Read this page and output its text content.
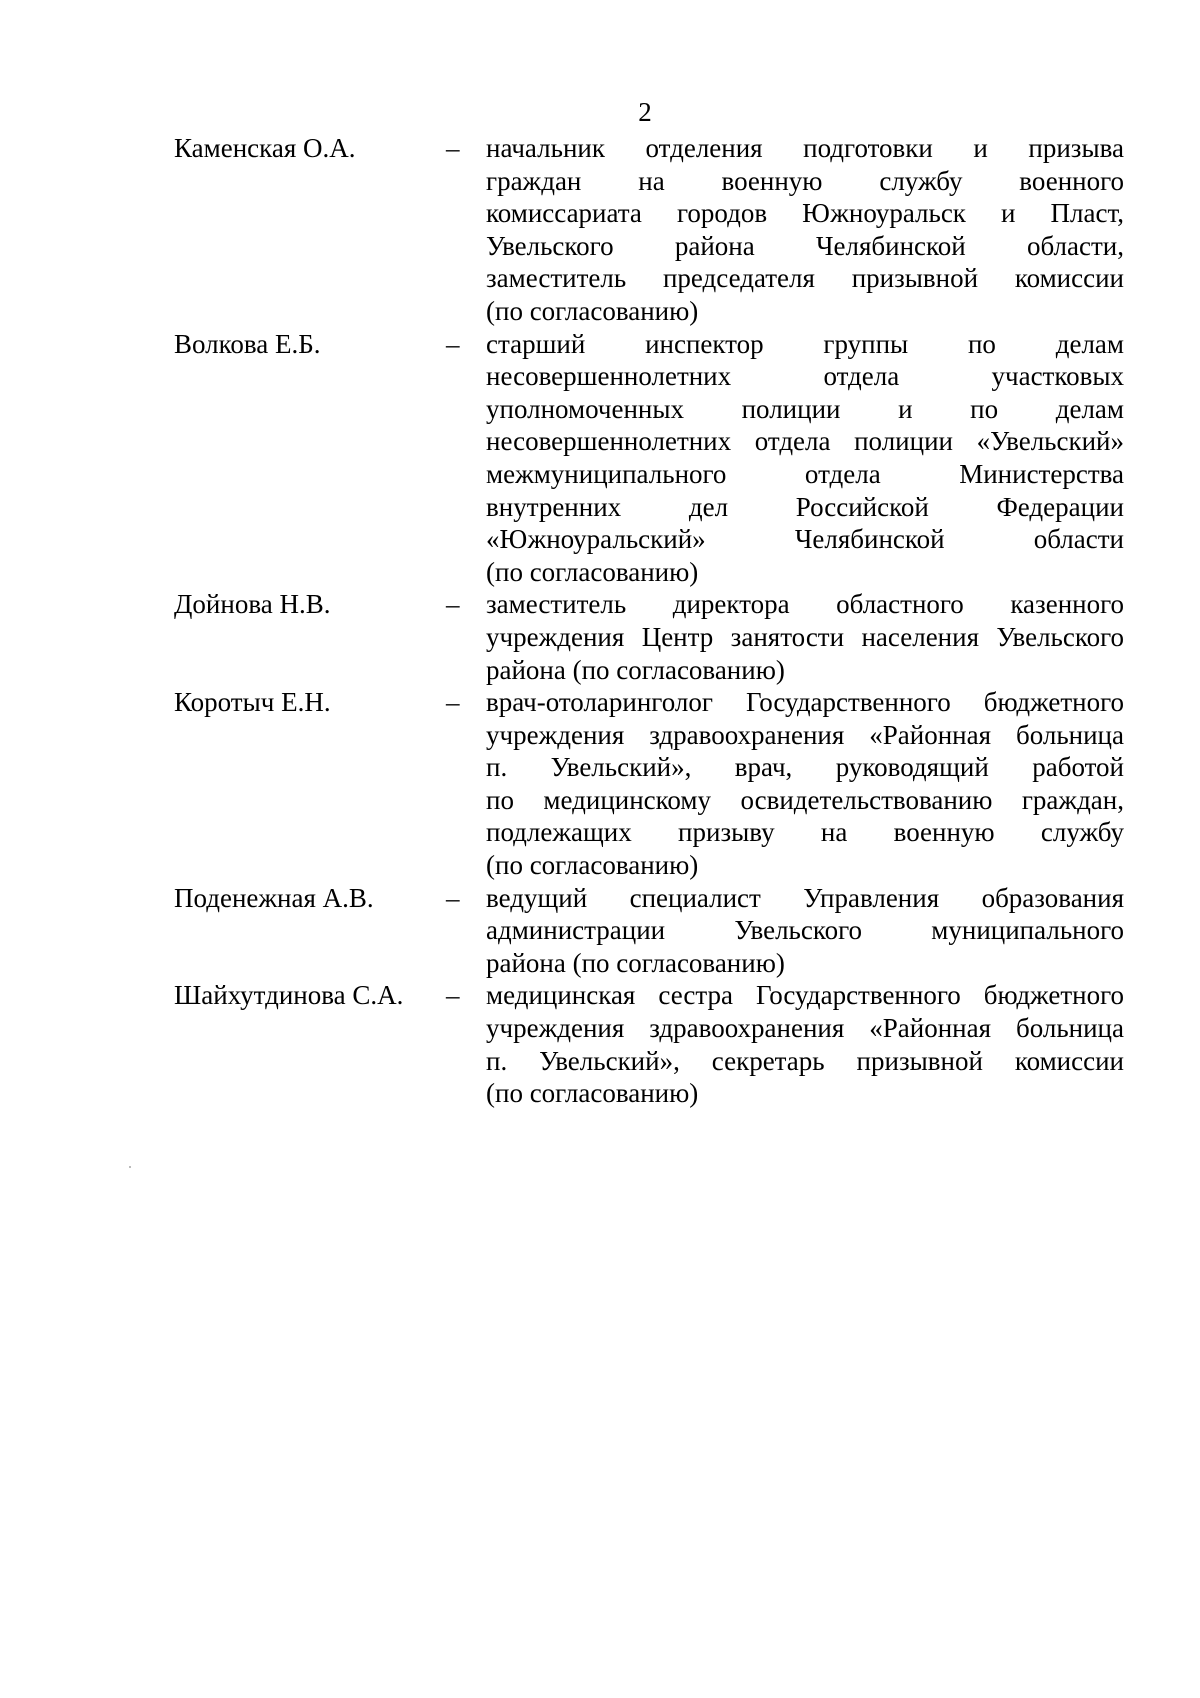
2
Каменская О.А.	– начальник отделения подготовки и призыва
граждан на военную службу военного
комиссариата городов Южноуральск и Пласт,
Увельского района Челябинской области,
заместитель председателя призывной комиссии
(по согласованию)
Волкова Е.Б.	– старший инспектор группы по делам
несовершеннолетних отдела участковых
уполномоченных полиции и по делам
несовершеннолетних отдела полиции «Увельский»
межмуниципального отдела Министерства
внутренних дел Российской Федерации
«Южноуральский» Челябинской области
(по согласованию)
Дойнова Н.В.	– заместитель директора областного казенного
учреждения Центр занятости населения Увельского
района (по согласованию)
Коротыч Е.Н.	– врач-отоларинголог Государственного бюджетного
учреждения здравоохранения «Районная больница
п. Увельский», врач, руководящий работой
по медицинскому освидетельствованию граждан,
подлежащих призыву на военную службу
(по согласованию)
Поденежная А.В.	– ведущий специалист Управления образования
администрации Увельского муниципального
района (по согласованию)
Шайхутдинова С.А.	– медицинская сестра Государственного бюджетного
учреждения здравоохранения «Районная больница
п. Увельский», секретарь призывной комиссии
(по согласованию)
